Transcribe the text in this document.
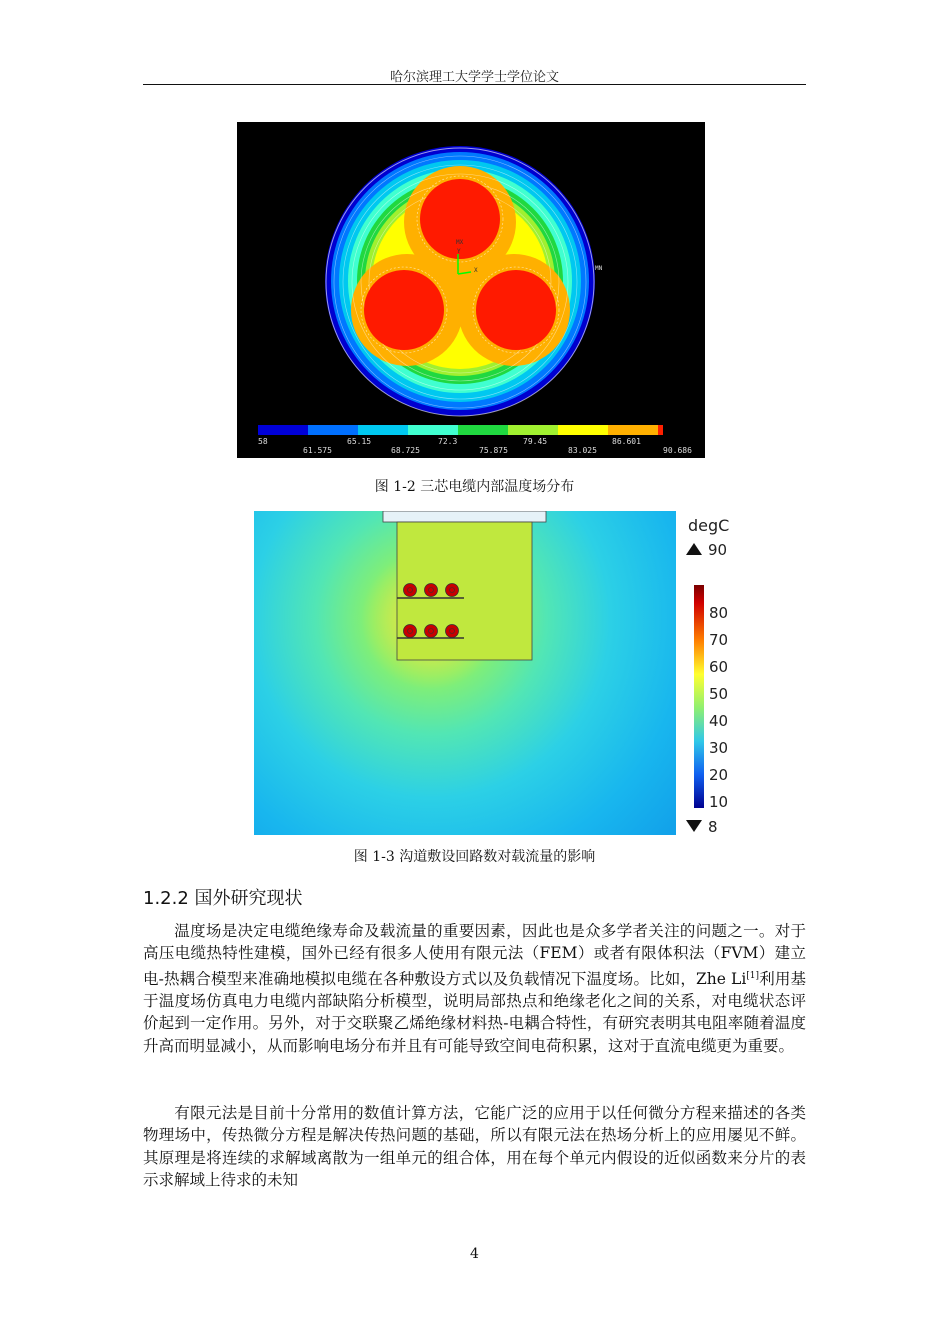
哈尔滨理工大学学士学位论文
MX
Y
X	MN
58	65.15	72.3	79.45	86.601
61.575	68.725	75.875	83.025	90.686
图 1-2 三芯电缆内部温度场分布
degC
90
80
70
60
50
40
30
20
10
8
图 1-3 沟道敷设回路数对载流量的影响
1.2.2 国外研究现状
温度场是决定电缆绝缘寿命及载流量的重要因素，因此也是众多学者关注的问题之一。对于高压电缆热特性建模，国外已经有很多人使用有限元法（FEM）或者有限体积法（FVM）建立电-热耦合模型来准确地模拟电缆在各种敷设方式以及负载情况下温度场。比如，Zhe Li[1]利用基于温度场仿真电力电缆内部缺陷分析模型，说明局部热点和绝缘老化之间的关系，对电缆状态评价起到一定作用。另外，对于交联聚乙烯绝缘材料热-电耦合特性，有研究表明其电阻率随着温度升高而明显减小，从而影响电场分布并且有可能导致空间电荷积累，这对于直流电缆更为重要。
有限元法是目前十分常用的数值计算方法，它能广泛的应用于以任何微分方程来描述的各类物理场中，传热微分方程是解决传热问题的基础，所以有限元法在热场分析上的应用屡见不鲜。其原理是将连续的求解域离散为一组单元的组合体，用在每个单元内假设的近似函数来分片的表示求解域上待求的未知
4
